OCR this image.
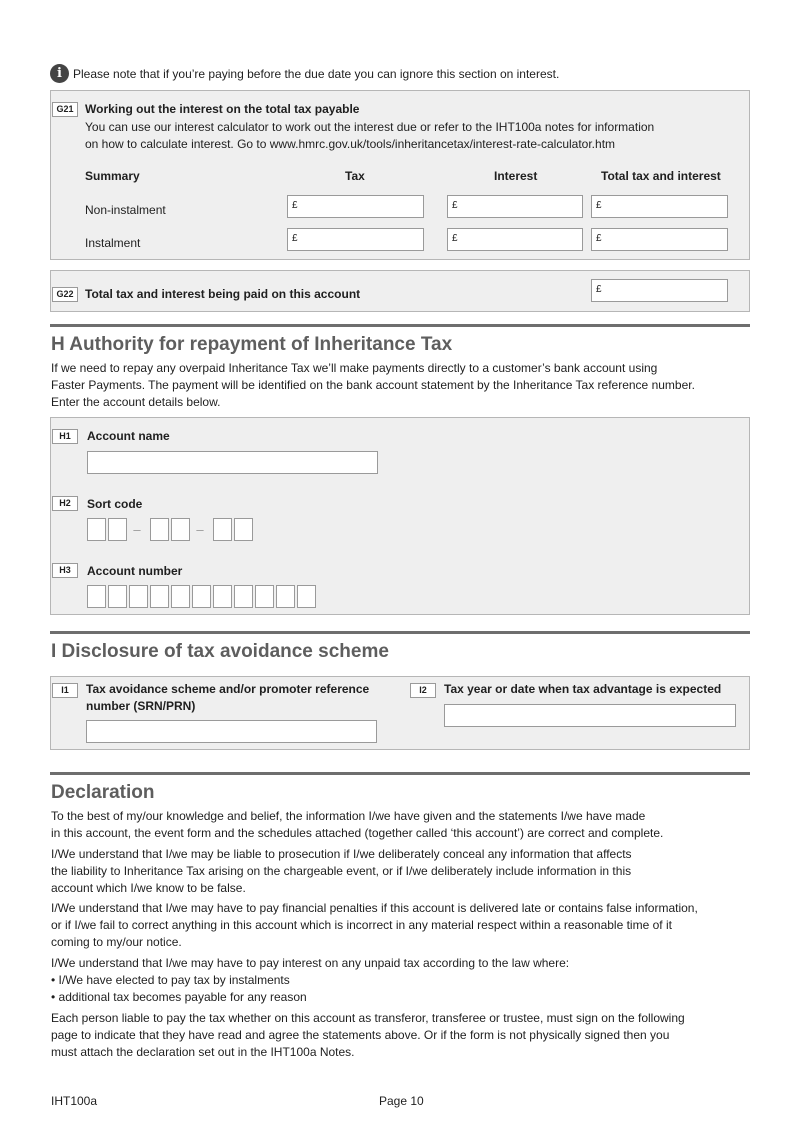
i Please note that if you’re paying before the due date you can ignore this section on interest.
G21 Working out the interest on the total tax payable
You can use our interest calculator to work out the interest due or refer to the IHT100a notes for information
on how to calculate interest. Go to www.hmrc.gov.uk/tools/inheritancetax/interest-rate-calculator.htm
Summary	Tax	Interest	Total tax and interest
Non-instalment	£	£	£
Instalment	£	£	£
G22 Total tax and interest being paid on this account	£
H Authority for repayment of Inheritance Tax
If we need to repay any overpaid Inheritance Tax we’ll make payments directly to a customer’s bank account using
Faster Payments. The payment will be identified on the bank account statement by the Inheritance Tax reference number.
Enter the account details below.
H1	Account name
H2	Sort code
–	–
H3	Account number
I Disclosure of tax avoidance scheme
I1	Tax avoidance scheme and/or promoter reference
number (SRN/PRN)
I2	Tax year or date when tax advantage is expected
Declaration
To the best of my/our knowledge and belief, the information I/we have given and the statements I/we have made
in this account, the event form and the schedules attached (together called ‘this account’) are correct and complete.
I/We understand that I/we may be liable to prosecution if I/we deliberately conceal any information that affects
the liability to Inheritance Tax arising on the chargeable event, or if I/we deliberately include information in this
account which I/we know to be false.
I/We understand that I/we may have to pay financial penalties if this account is delivered late or contains false information,
or if I/we fail to correct anything in this account which is incorrect in any material respect within a reasonable time of it
coming to my/our notice.
I/We understand that I/we may have to pay interest on any unpaid tax according to the law where:
• I/We have elected to pay tax by instalments
• additional tax becomes payable for any reason
Each person liable to pay the tax whether on this account as transferor, transferee or trustee, must sign on the following
page to indicate that they have read and agree the statements above. Or if the form is not physically signed then you
must attach the declaration set out in the IHT100a Notes.
IHT100a	Page 10
